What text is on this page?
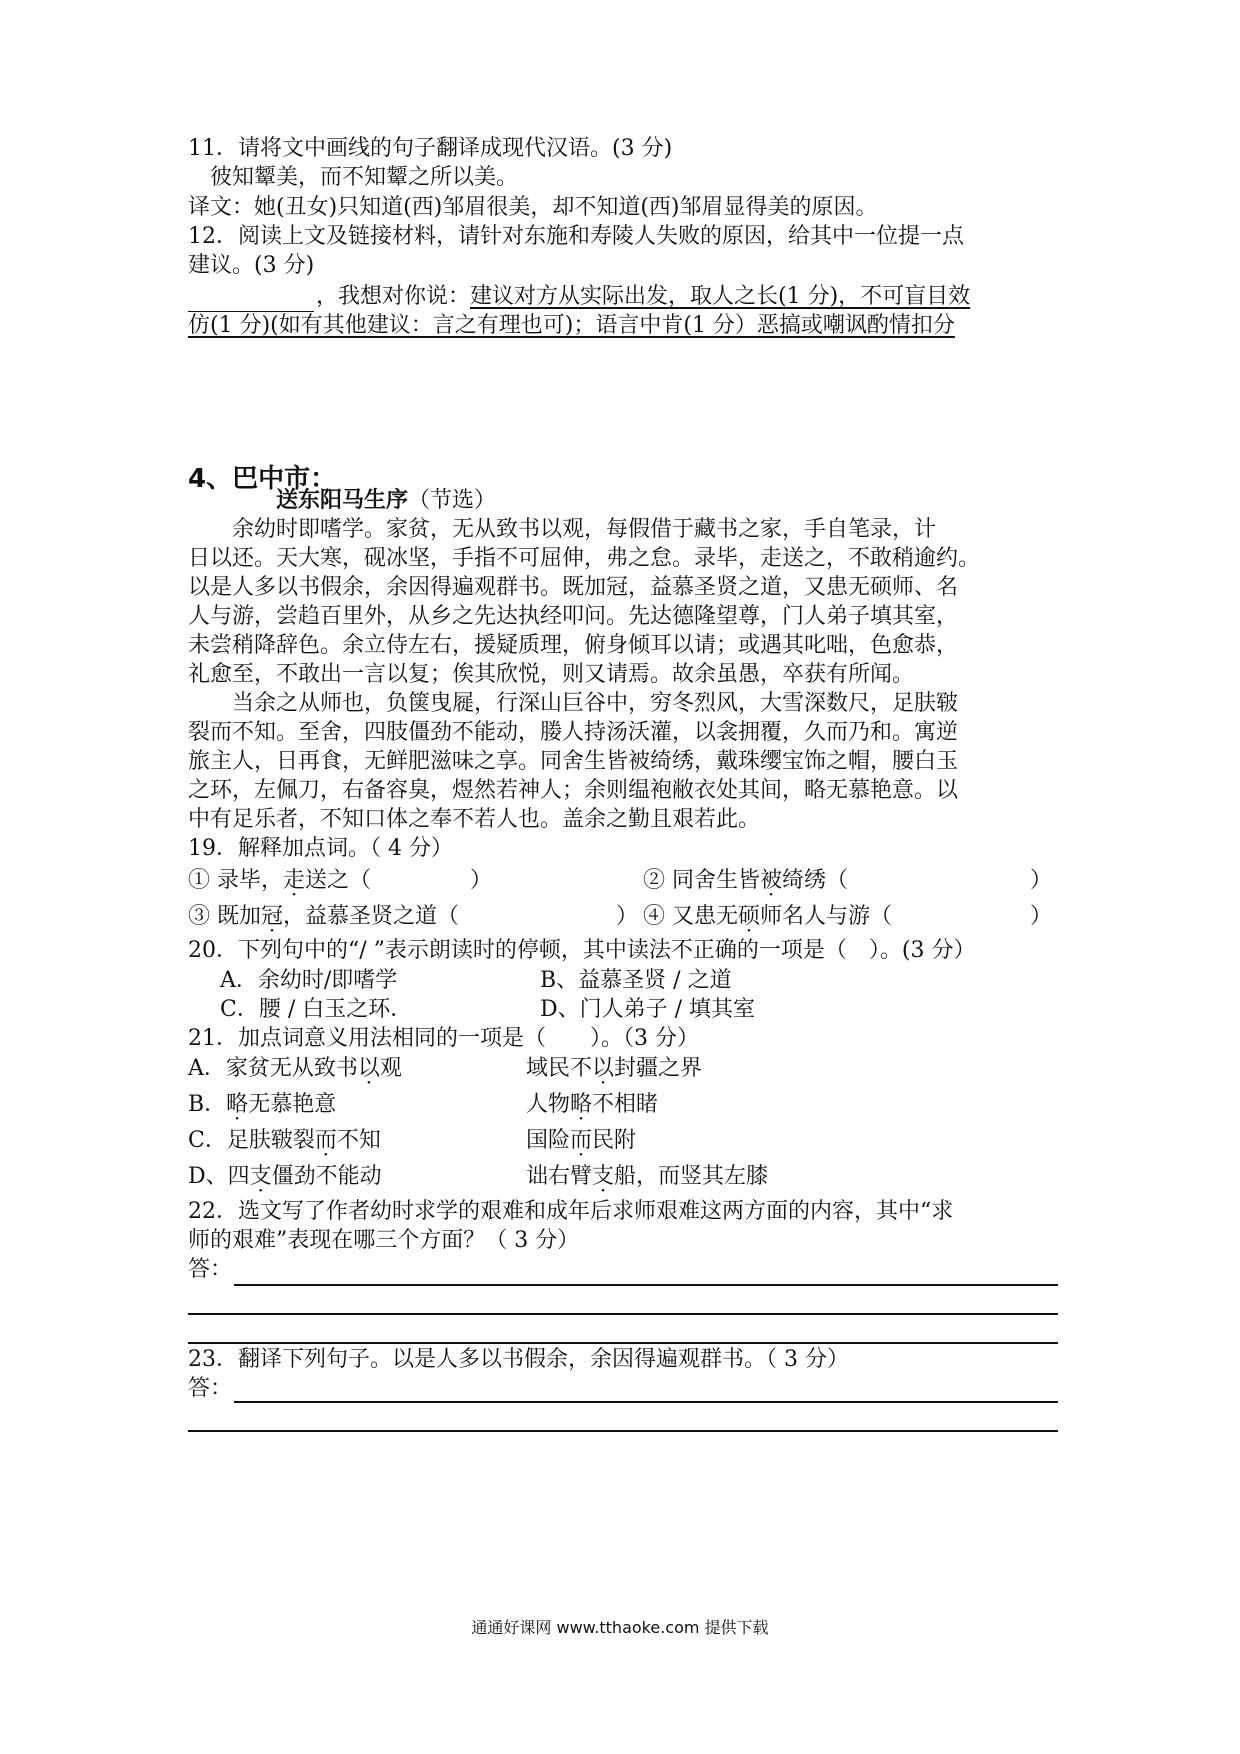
11．请将文中画线的句子翻译成现代汉语。(3 分)
彼知颦美，而不知颦之所以美。
译文：她(丑女)只知道(西)邹眉很美，却不知道(西)邹眉显得美的原因。
12．阅读上文及链接材料，请针对东施和寿陵人失败的原因，给其中一位提一点
建议。(3 分)
，我想对你说：建议对方从实际出发，取人之长(1 分)，不可盲目效
仿(1 分)(如有其他建议：言之有理也可)；语言中肯(1 分）恶搞或嘲讽酌情扣分
4、巴中市：
送东阳马生序（节选）
　　余幼时即嗜学。家贫，无从致书以观，每假借于藏书之家，手自笔录，计
日以还。天大寒，砚冰坚，手指不可屈伸，弗之怠。录毕，走送之，不敢稍逾约。
以是人多以书假余，余因得遍观群书。既加冠，益慕圣贤之道，又患无硕师、名
人与游，尝趋百里外，从乡之先达执经叩问。先达德隆望尊，门人弟子填其室，
未尝稍降辞色。余立侍左右，援疑质理，俯身倾耳以请；或遇其叱咄，色愈恭，
礼愈至，不敢出一言以复；俟其欣悦，则又请焉。故余虽愚，卒获有所闻。
　　当余之从师也，负箧曳屣，行深山巨谷中，穷冬烈风，大雪深数尺，足肤皲
裂而不知。至舍，四肢僵劲不能动，媵人持汤沃灌，以衾拥覆，久而乃和。寓逆
旅主人，日再食，无鲜肥滋味之享。同舍生皆被绮绣，戴珠缨宝饰之帽，腰白玉
之环，左佩刀，右备容臭，煜然若神人；余则缊袍敝衣处其间，略无慕艳意。以
中有足乐者，不知口体之奉不若人也。盖余之勤且艰若此。
19．解释加点词。（ 4 分）
① 录毕，走送之（	）	② 同舍生皆被绮绣（	）
③ 既加冠，益慕圣贤之道（	） ④ 又患无硕师名人与游（	）
20．下列句中的“/ ”表示朗读时的停顿，其中读法不正确的一项是（　）。(3 分）
A．余幼时/即嗜学	B、益慕圣贤 / 之道
C．腰 / 白玉之环．	D、门人弟子 / 填其室
21．加点词意义用法相同的一项是（　　）。（3 分）
A．家贫无从致书以观	域民不以封疆之界
B．略无慕艳意	人物略不相睹
C．足肤皲裂而不知	国险而民附
D、四支僵劲不能动	诎右臂支船，而竖其左膝
22．选文写了作者幼时求学的艰难和成年后求师艰难这两方面的内容，其中“求
师的艰难”表现在哪三个方面？（ 3 分）
答：
23．翻译下列句子。以是人多以书假余，余因得遍观群书。（ 3 分）
答：
通通好课网 www.tthaoke.com 提供下载
